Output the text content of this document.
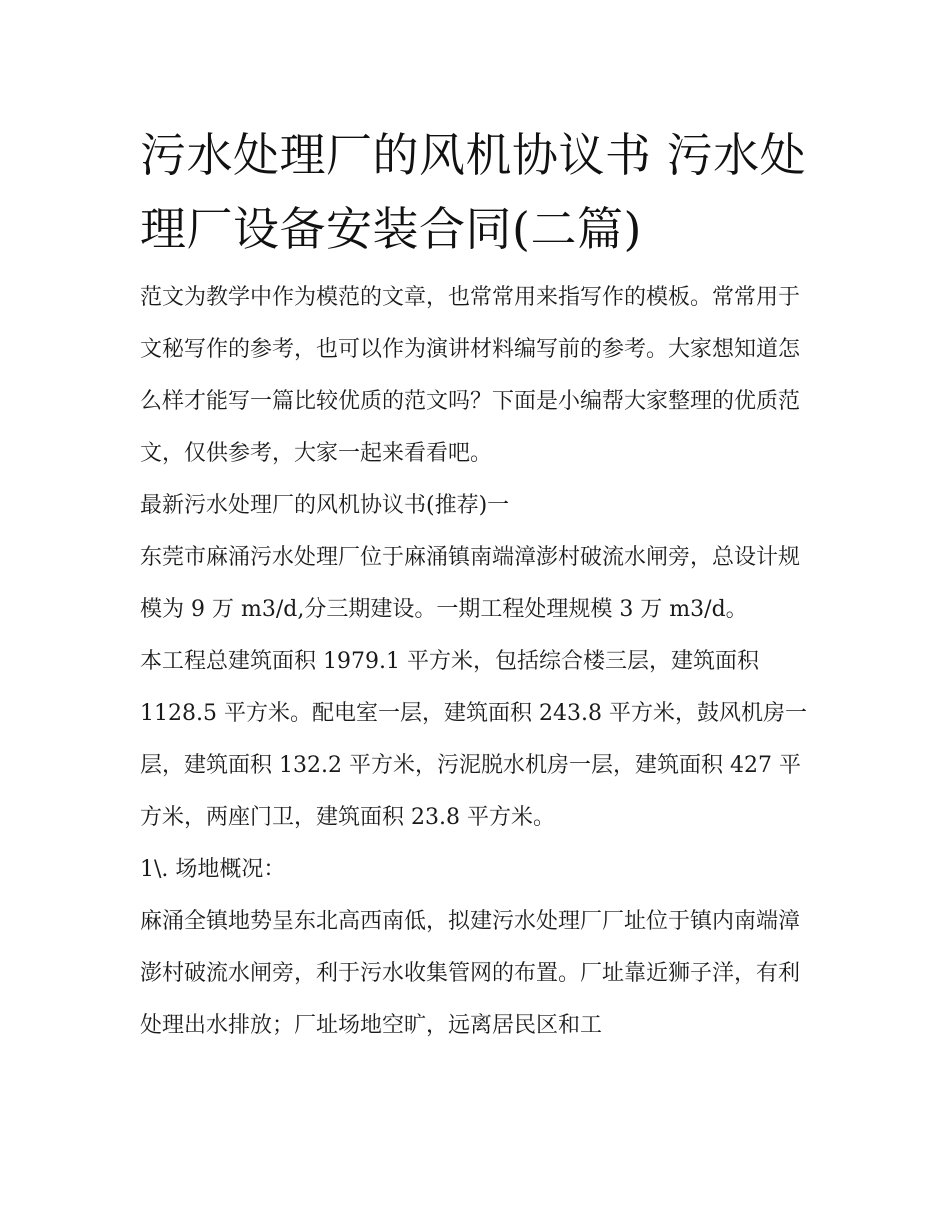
污水处理厂的风机协议书 污水处理厂设备安装合同(二篇)

范文为教学中作为模范的文章，也常常用来指写作的模板。常常用于文秘写作的参考，也可以作为演讲材料编写前的参考。大家想知道怎么样才能写一篇比较优质的范文吗？下面是小编帮大家整理的优质范文，仅供参考，大家一起来看看吧。

最新污水处理厂的风机协议书(推荐)一

东莞市麻涌污水处理厂位于麻涌镇南端漳澎村破流水闸旁，总设计规模为 9 万 m3/d,分三期建设。一期工程处理规模 3 万 m3/d。

本工程总建筑面积 1979.1 平方米，包括综合楼三层，建筑面积 1128.5 平方米。配电室一层，建筑面积 243.8 平方米，鼓风机房一层，建筑面积 132.2 平方米，污泥脱水机房一层，建筑面积 427 平方米，两座门卫，建筑面积 23.8 平方米。

1\. 场地概况：

麻涌全镇地势呈东北高西南低，拟建污水处理厂厂址位于镇内南端漳澎村破流水闸旁，利于污水收集管网的布置。厂址靠近狮子洋，有利处理出水排放；厂址场地空旷，远离居民区和工
